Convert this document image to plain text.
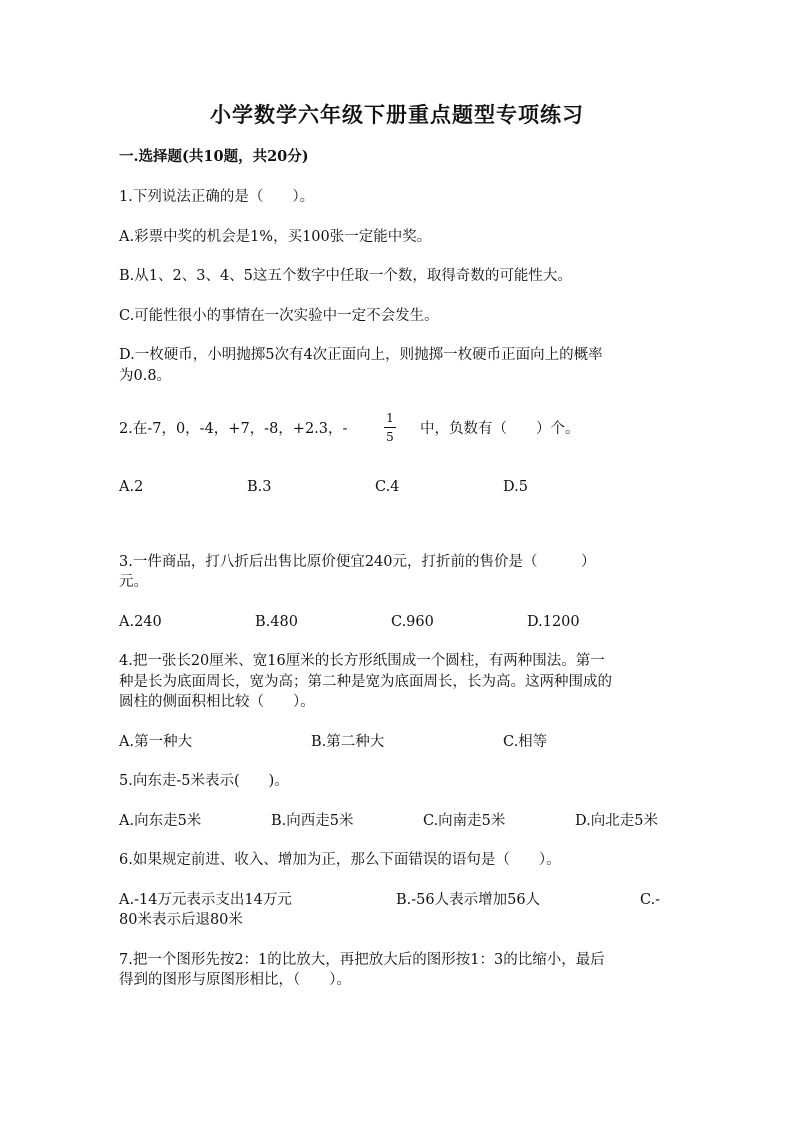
小学数学六年级下册重点题型专项练习
一.选择题(共10题，共20分)
1.下列说法正确的是（　　）。
A.彩票中奖的机会是1%，买100张一定能中奖。
B.从1、2、3、4、5这五个数字中任取一个数，取得奇数的可能性大。
C.可能性很小的事情在一次实验中一定不会发生。
D.一枚硬币，小明抛掷5次有4次正面向上，则抛掷一枚硬币正面向上的概率
为0.8。
2.在-7，0，-4，+7，-8，+2.3，-
1
5 中，负数有（　　）个。
A.2	B.3	C.4	D.5
3.一件商品，打八折后出售比原价便宜240元，打折前的售价是（　　　）
元。
A.240	B.480	C.960	D.1200
4.把一张长20厘米、宽16厘米的长方形纸围成一个圆柱，有两种围法。第一
种是长为底面周长，宽为高；第二种是宽为底面周长，长为高。这两种围成的
圆柱的侧面积相比较（　　）。
A.第一种大	B.第二种大	C.相等
5.向东走-5米表示(　　)。
A.向东走5米	B.向西走5米	C.向南走5米	D.向北走5米
6.如果规定前进、收入、增加为正，那么下面错误的语句是（　　）。
A.-14万元表示支出14万元	B.-56人表示增加56人	C.-
80米表示后退80米
7.把一个图形先按2：1的比放大，再把放大后的图形按1：3的比缩小，最后
得到的图形与原图形相比，（　　）。
